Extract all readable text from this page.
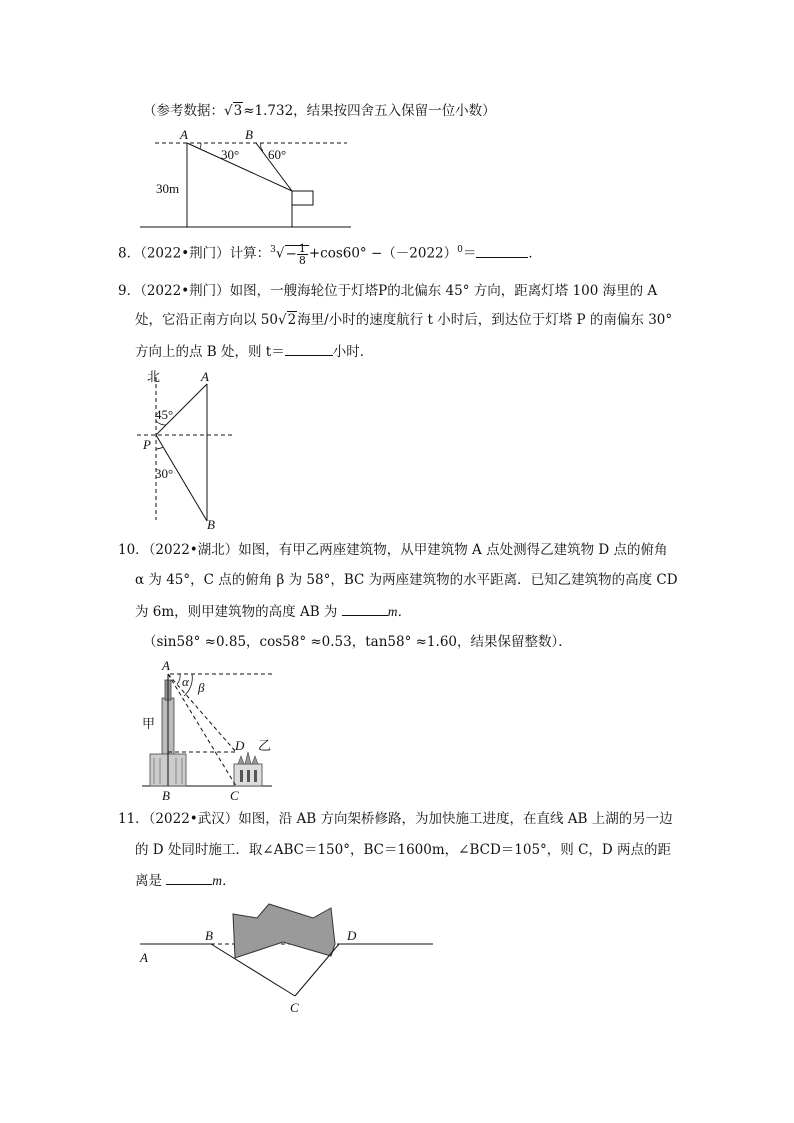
（参考数据：√3≈1.732，结果按四舍五入保留一位小数）
A	B
30° 60°
30m
8．（2022•荆门）计算：$^3√- \frac{1}{8} +\cos 60^\circ -(-2022)^0=$	．
9．（2022•荆门）如图，一艘海轮位于灯塔P的北偏东 45° 方向，距离灯塔 100 海里的 A
处，它沿正南方向以 50√2海里/小时的速度航行 t 小时后，到达位于灯塔 P 的南偏东 30°
方向上的点 B 处，则 t＝	小时．
北	A
45°
P
30°
B
10．（2022•湖北）如图，有甲乙两座建筑物，从甲建筑物 A 点处测得乙建筑物 D 点的俯角
α 为 45°，C 点的俯角 β 为 58°，BC 为两座建筑物的水平距离．已知乙建筑物的高度 CD
为 6m，则甲建筑物的高度 AB 为	m．
（sin58° ≈0.85，cos58° ≈0.53，tan58° ≈1.60，结果保留整数）．
A
α β
甲
D 乙
B	C
11．（2022•武汉）如图，沿 AB 方向架桥修路，为加快施工进度，在直线 AB 上湖的另一边
的 D 处同时施工．取∠ABC＝150°，BC＝1600m，∠BCD＝105°，则 C，D 两点的距
离是	m．
A
B	D
C
